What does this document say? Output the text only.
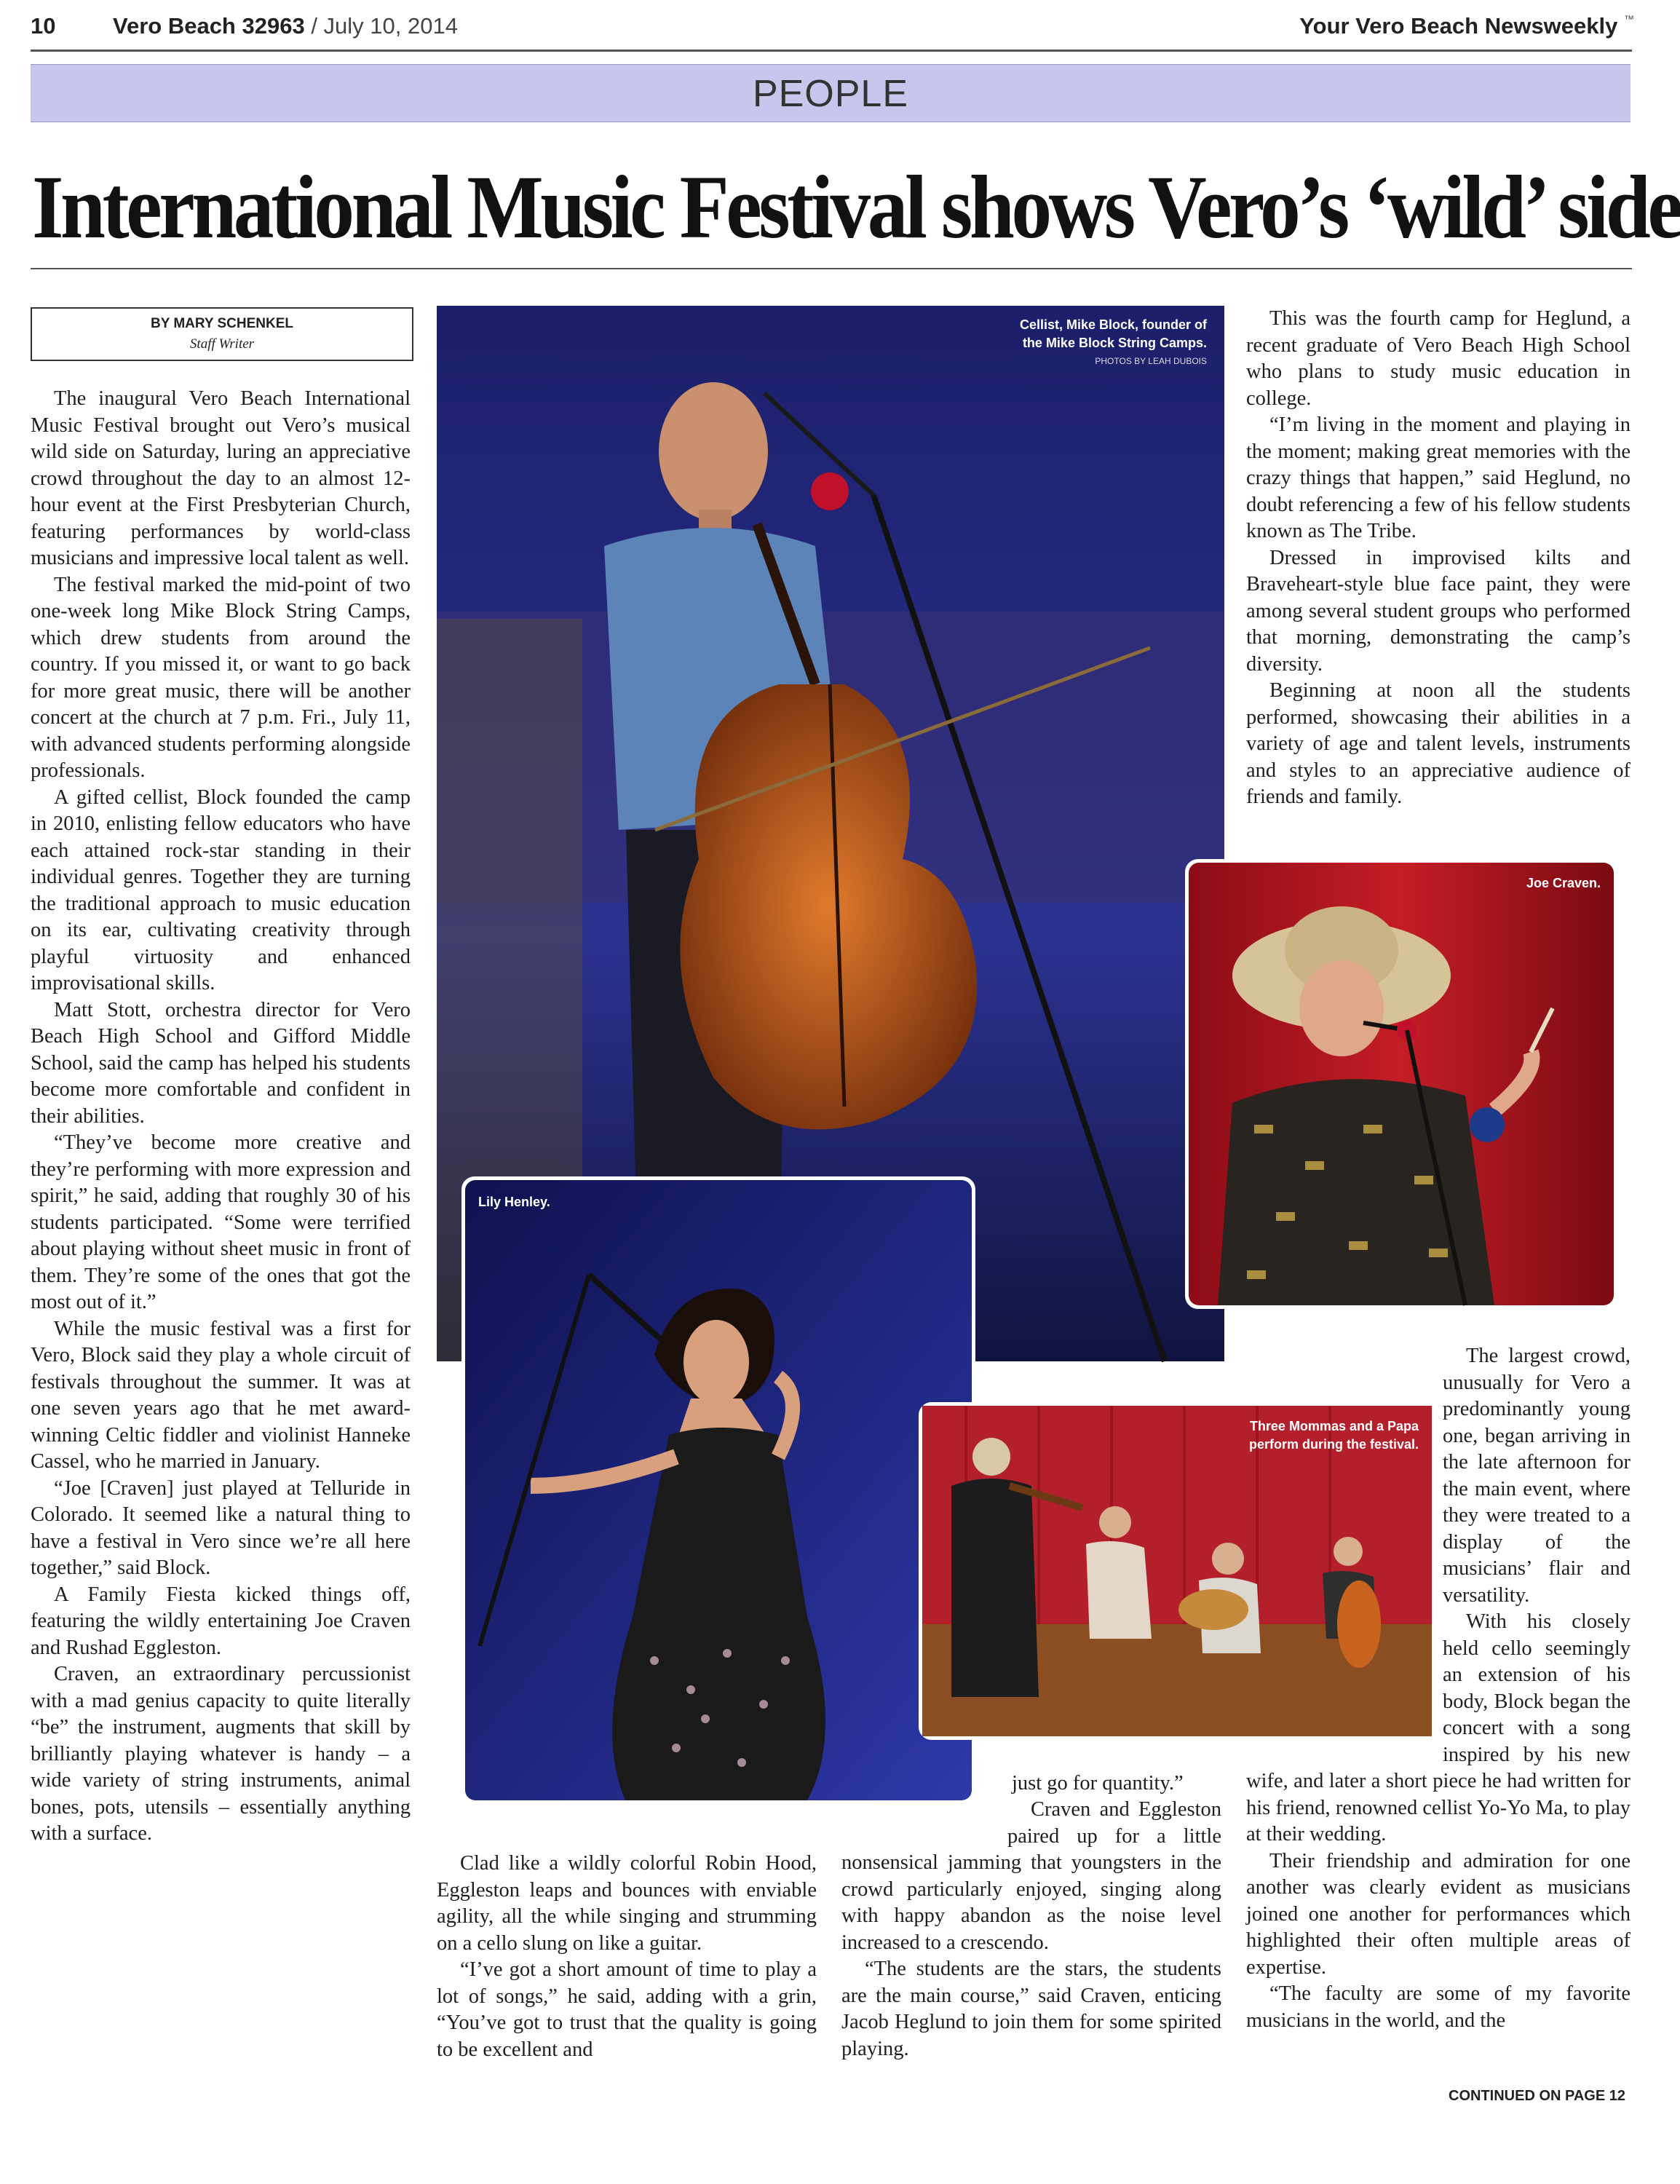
10	Vero Beach 32963 / July 10, 2014	Your Vero Beach Newsweekly ™
PEOPLE
International Music Festival shows Vero’s ‘wild’ side
BY MARY SCHENKEL
Staff Writer

The inaugural Vero Beach International Music Festival brought out Vero’s musical wild side on Saturday, luring an appreciative crowd throughout the day to an almost 12-hour event at the First Presbyterian Church, featuring performances by world-class musicians and impressive local talent as well.

The festival marked the mid-point of two one-week long Mike Block String Camps, which drew students from around the country. If you missed it, or want to go back for more great music, there will be another concert at the church at 7 p.m. Fri., July 11, with advanced students performing alongside professionals.

A gifted cellist, Block founded the camp in 2010, enlisting fellow educators who have each attained rock-star standing in their individual genres. Together they are turning the traditional approach to music education on its ear, cultivating creativity through playful virtuosity and enhanced improvisational skills.

Matt Stott, orchestra director for Vero Beach High School and Gifford Middle School, said the camp has helped his students become more comfortable and confident in their abilities.

“They’ve become more creative and they’re performing with more expression and spirit,” he said, adding that roughly 30 of his students participated. “Some were terrified about playing without sheet music in front of them. They’re some of the ones that got the most out of it.”

While the music festival was a first for Vero, Block said they play a whole circuit of festivals throughout the summer. It was at one seven years ago that he met award-winning Celtic fiddler and violinist Hanneke Cassel, who he married in January.

“Joe [Craven] just played at Telluride in Colorado. It seemed like a natural thing to have a festival in Vero since we’re all here together,” said Block.

A Family Fiesta kicked things off, featuring the wildly entertaining Joe Craven and Rushad Eggleston.

Craven, an extraordinary percussionist with a mad genius capacity to quite literally “be” the instrument, augments that skill by brilliantly playing whatever is handy – a wide variety of string instruments, animal bones, pots, utensils – essentially anything with a surface.

Cellist, Mike Block, founder of
the Mike Block String Camps.
PHOTOS BY LEAH DUBOIS
Lily Henley.
Joe Craven.
Three Mommas and a Papa
perform during the festival.

Clad like a wildly colorful Robin Hood, Eggleston leaps and bounces with enviable agility, all the while singing and strumming on a cello slung on like a guitar.

“I’ve got a short amount of time to play a lot of songs,” he said, adding with a grin, “You’ve got to trust that the quality is going to be excellent and

just go for quantity.”

Craven and Eggleston paired up for a little nonsensical jamming that youngsters in the crowd particularly enjoyed, singing along with happy abandon as the noise level increased to a crescendo.

“The students are the stars, the students are the main course,” said Craven, enticing Jacob Heglund to join them for some spirited playing.

This was the fourth camp for Heglund, a recent graduate of Vero Beach High School who plans to study music education in college.

“I’m living in the moment and playing in the moment; making great memories with the crazy things that happen,” said Heglund, no doubt referencing a few of his fellow students known as The Tribe.

Dressed in improvised kilts and Braveheart-style blue face paint, they were among several student groups who performed that morning, demonstrating the camp’s diversity.

Beginning at noon all the students performed, showcasing their abilities in a variety of age and talent levels, instruments and styles to an appreciative audience of friends and family.

The largest crowd, unusually for Vero a predominantly young one, began arriving in the late afternoon for the main event, where they were treated to a display of the musicians’ flair and versatility.

With his closely held cello seemingly an extension of his body, Block began the concert with a song inspired by his new wife, and later a short piece he had written for his friend, renowned cellist Yo-Yo Ma, to play at their wedding.

Their friendship and admiration for one another was clearly evident as musicians joined one another for performances which highlighted their often multiple areas of expertise.

“The faculty are some of my favorite musicians in the world, and the

CONTINUED ON PAGE 12
